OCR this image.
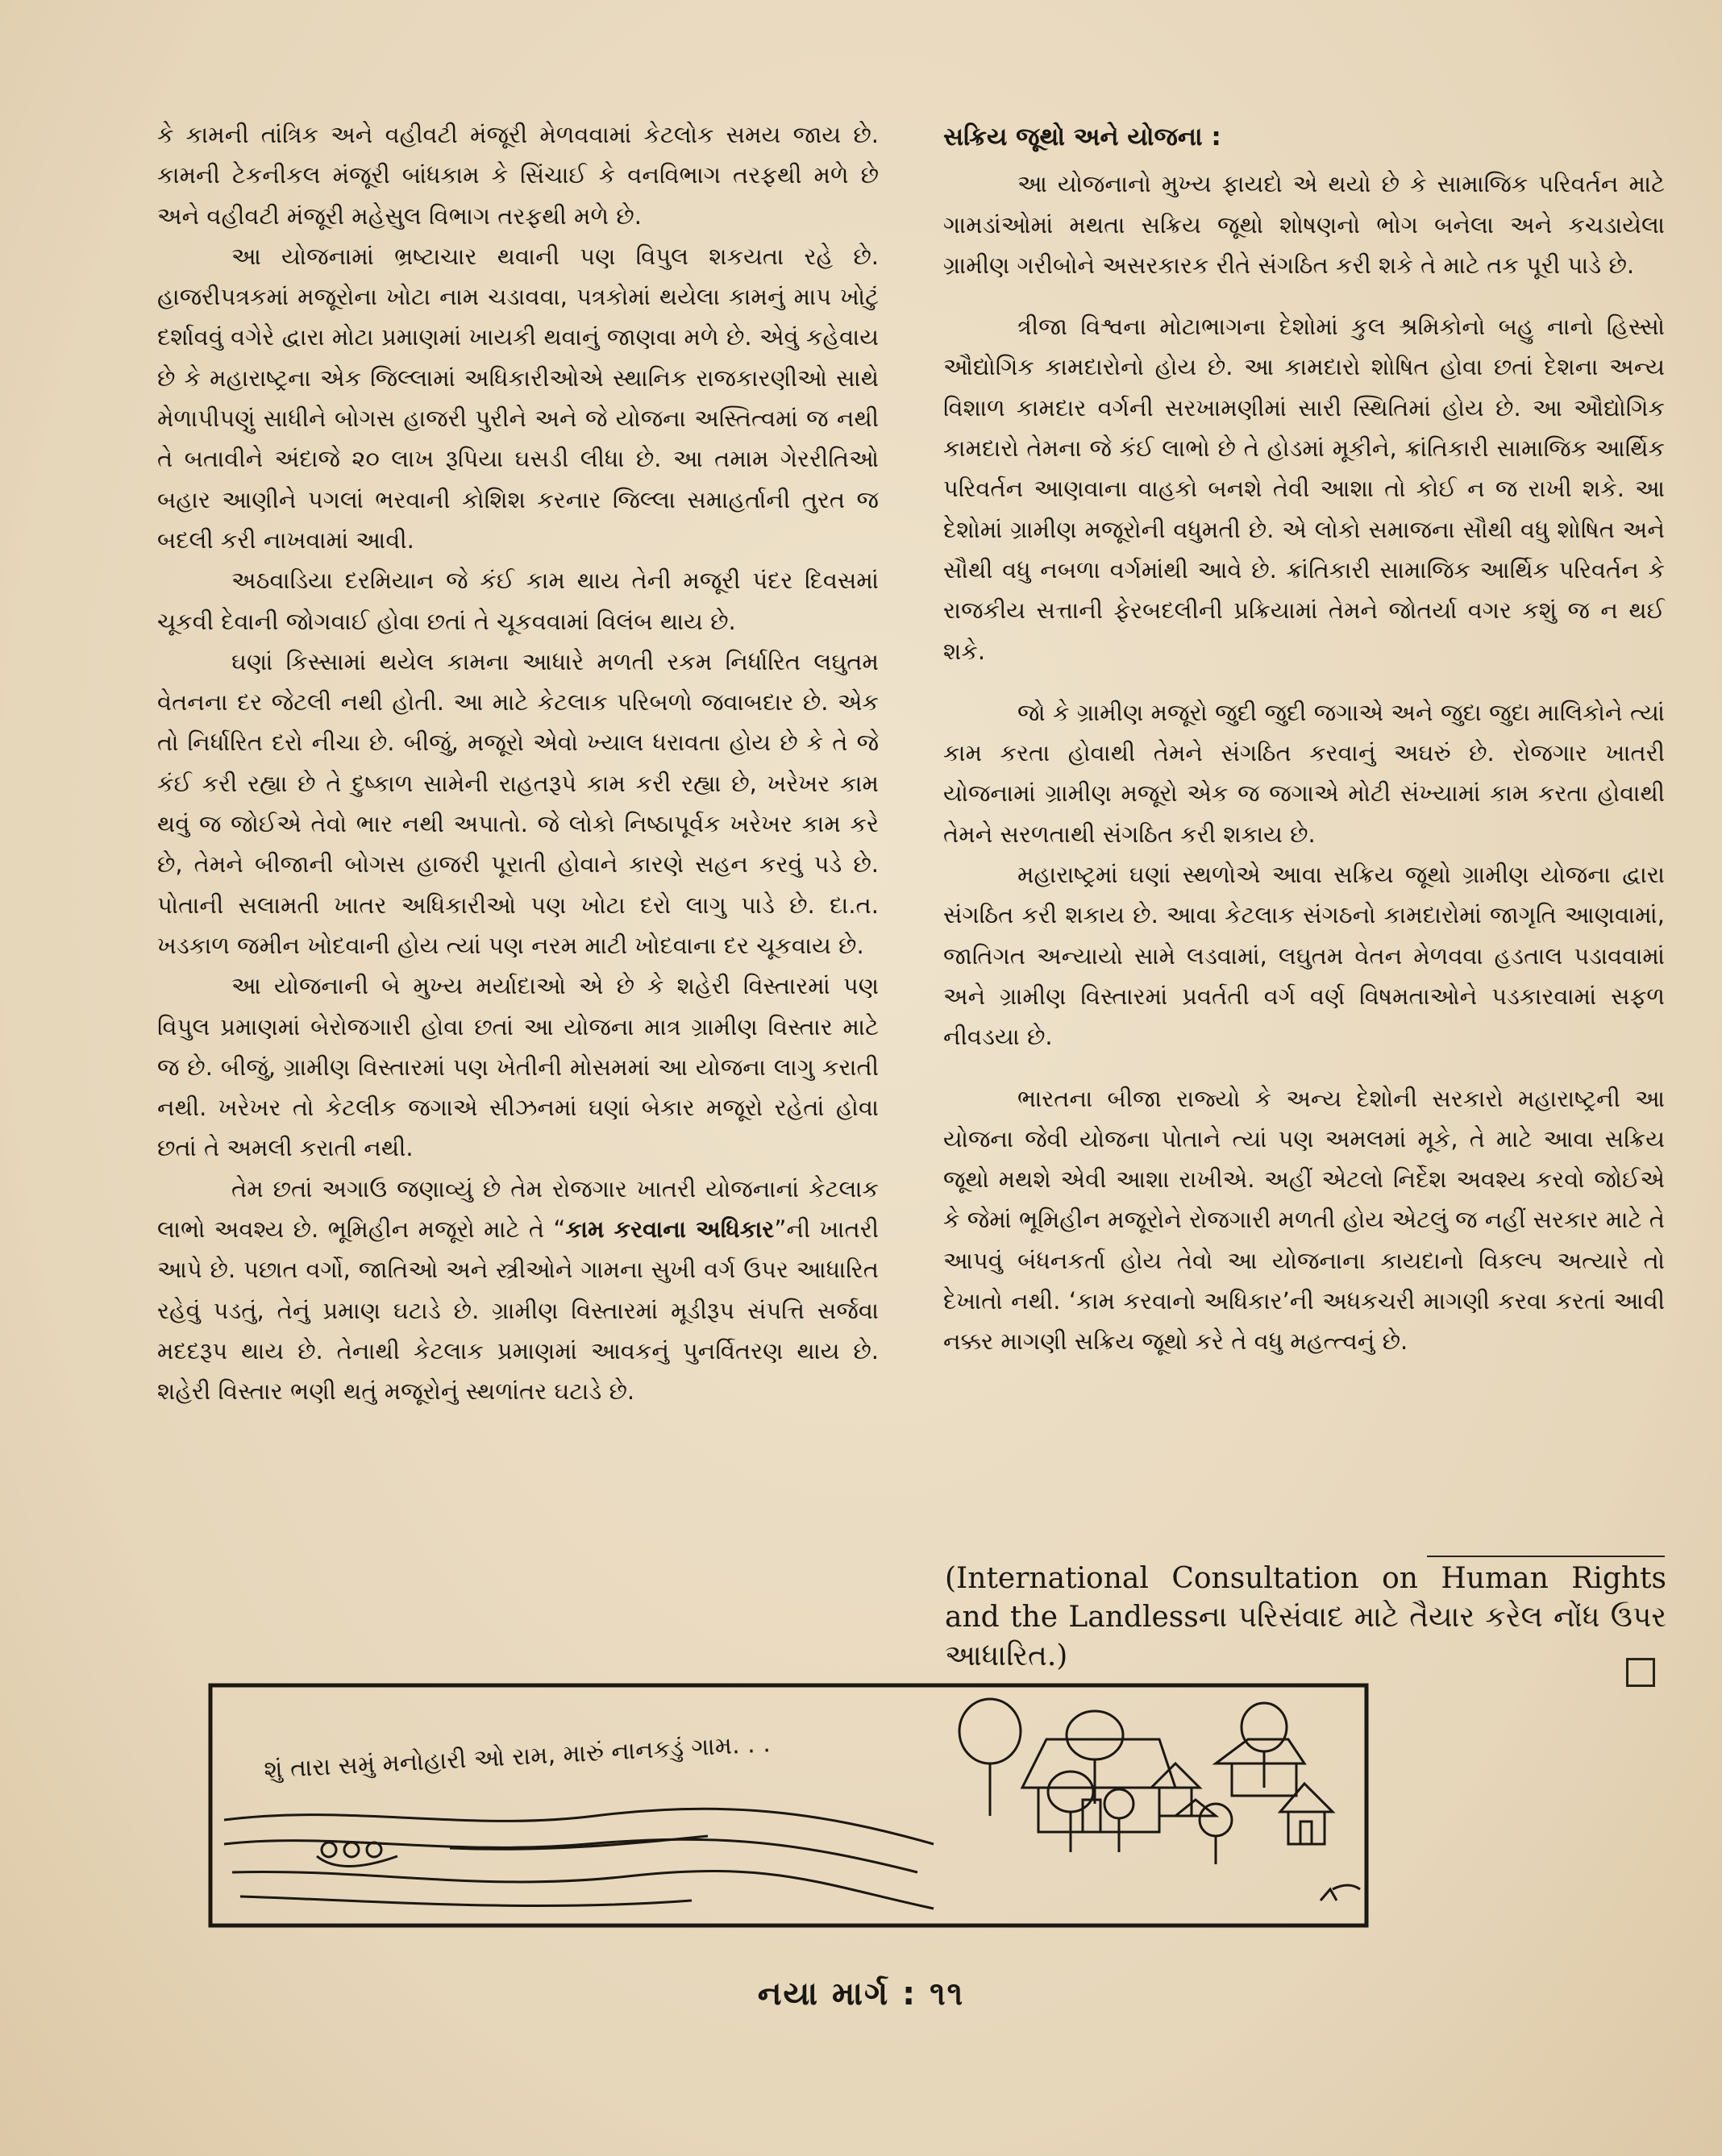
કે કામની તાંત્રિક અને વહીવટી મંજૂરી મેળવવામાં કેટલોક સમય જાય છે. કામની ટેકનીકલ મંજૂરી બાંધકામ કે સિંચાઈ કે વનવિભાગ તરફથી મળે છે અને વહીવટી મંજૂરી મહેસુલ વિભાગ તરફથી મળે છે.

આ યોજનામાં ભ્રષ્ટાચાર થવાની પણ વિપુલ શકયતા રહે છે. હાજરીપત્રકમાં મજૂરોના ખોટા નામ ચડાવવા, પત્રકોમાં થયેલા કામનું માપ ખોટું દર્શાવવું વગેરે દ્વારા મોટા પ્રમાણમાં ખાયકી થવાનું જાણવા મળે છે. એવું કહેવાય છે કે મહારાષ્ટ્રના એક જિલ્લામાં અધિકારીઓએ સ્થાનિક રાજકારણીઓ સાથે મેળાપીપણું સાધીને બોગસ હાજરી પુરીને અને જે યોજના અસ્તિત્વમાં જ નથી તે બતાવીને અંદાજે ૨૦ લાખ રૂપિયા ઘસડી લીધા છે. આ તમામ ગેરરીતિઓ બહાર આણીને પગલાં ભરવાની કોશિશ કરનાર જિલ્લા સમાહર્તાની તુરત જ બદલી કરી નાખવામાં આવી.

અઠવાડિયા દરમિયાન જે કંઈ કામ થાય તેની મજૂરી પંદર દિવસમાં ચૂકવી દેવાની જોગવાઈ હોવા છતાં તે ચૂકવવામાં વિલંબ થાય છે.

ઘણાં કિસ્સામાં થયેલ કામના આધારે મળતી રકમ નિર્ધારિત લઘુતમ વેતનના દર જેટલી નથી હોતી. આ માટે કેટલાક પરિબળો જવાબદાર છે. એક તો નિર્ધારિત દરો નીચા છે. બીજું, મજૂરો એવો ખ્યાલ ધરાવતા હોય છે કે તે જે કંઈ કરી રહ્યા છે તે દુષ્કાળ સામેની રાહતરૂપે કામ કરી રહ્યા છે, ખરેખર કામ થવું જ જોઈએ તેવો ભાર નથી અપાતો. જે લોકો નિષ્ઠાપૂર્વક ખરેખર કામ કરે છે, તેમને બીજાની બોગસ હાજરી પૂરાતી હોવાને કારણે સહન કરવું પડે છે. પોતાની સલામતી ખાતર અધિકારીઓ પણ ખોટા દરો લાગુ પાડે છે. દા.ત. ખડકાળ જમીન ખોદવાની હોય ત્યાં પણ નરમ માટી ખોદવાના દર ચૂકવાય છે.

આ યોજનાની બે મુખ્ય મર્યાદાઓ એ છે કે શહેરી વિસ્તારમાં પણ વિપુલ પ્રમાણમાં બેરોજગારી હોવા છતાં આ યોજના માત્ર ગ્રામીણ વિસ્તાર માટે જ છે. બીજું, ગ્રામીણ વિસ્તારમાં પણ ખેતીની મોસમમાં આ યોજના લાગુ કરાતી નથી. ખરેખર તો કેટલીક જગાએ સીઝનમાં ઘણાં બેકાર મજૂરો રહેતાં હોવા છતાં તે અમલી કરાતી નથી.

તેમ છતાં અગાઉ જણાવ્યું છે તેમ રોજગાર ખાતરી યોજનાનાં કેટલાક લાભો અવશ્ય છે. ભૂમિહીન મજૂરો માટે તે “કામ કરવાના અધિકાર”ની ખાતરી આપે છે. પછાત વર્ગો, જાતિઓ અને સ્ત્રીઓને ગામના સુખી વર્ગ ઉપર આધારિત રહેવું પડતું, તેનું પ્રમાણ ઘટાડે છે. ગ્રામીણ વિસ્તારમાં મૂડીરૂપ સંપત્તિ સર્જવા મદદરૂપ થાય છે. તેનાથી કેટલાક પ્રમાણમાં આવકનું પુનર્વિતરણ થાય છે. શહેરી વિસ્તાર ભણી થતું મજૂરોનું સ્થળાંતર ઘટાડે છે.

સક્રિય જૂથો અને યોજના :

આ યોજનાનો મુખ્ય ફાયદો એ થયો છે કે સામાજિક પરિવર્તન માટે ગામડાંઓમાં મથતા સક્રિય જૂથો શોષણનો ભોગ બનેલા અને કચડાયેલા ગ્રામીણ ગરીબોને અસરકારક રીતે સંગઠિત કરી શકે તે માટે તક પૂરી પાડે છે.

ત્રીજા વિશ્વના મોટાભાગના દેશોમાં કુલ શ્રમિકોનો બહુ નાનો હિસ્સો ઔદ્યોગિક કામદારોનો હોય છે. આ કામદારો શોષિત હોવા છતાં દેશના અન્ય વિશાળ કામદાર વર્ગની સરખામણીમાં સારી સ્થિતિમાં હોય છે. આ ઔદ્યોગિક કામદારો તેમના જે કંઈ લાભો છે તે હોડમાં મૂકીને, ક્રાંતિકારી સામાજિક આર્થિક પરિવર્તન આણવાના વાહકો બનશે તેવી આશા તો કોઈ ન જ રાખી શકે. આ દેશોમાં ગ્રામીણ મજૂરોની વધુમતી છે. એ લોકો સમાજના સૌથી વધુ શોષિત અને સૌથી વધુ નબળા વર્ગમાંથી આવે છે. ક્રાંતિકારી સામાજિક આર્થિક પરિવર્તન કે રાજકીય સત્તાની ફેરબદલીની પ્રક્રિયામાં તેમને જોતર્યા વગર કશું જ ન થઈ શકે.

જો કે ગ્રામીણ મજૂરો જુદી જુદી જગાએ અને જુદા જુદા માલિકોને ત્યાં કામ કરતા હોવાથી તેમને સંગઠિત કરવાનું અઘરું છે. રોજગાર ખાતરી યોજનામાં ગ્રામીણ મજૂરો એક જ જગાએ મોટી સંખ્યામાં કામ કરતા હોવાથી તેમને સરળતાથી સંગઠિત કરી શકાય છે.

મહારાષ્ટ્રમાં ઘણાં સ્થળોએ આવા સક્રિય જૂથો ગ્રામીણ યોજના દ્વારા સંગઠિત કરી શકાય છે. આવા કેટલાક સંગઠનો કામદારોમાં જાગૃતિ આણવામાં, જાતિગત અન્યાયો સામે લડવામાં, લઘુતમ વેતન મેળવવા હડતાલ પડાવવામાં અને ગ્રામીણ વિસ્તારમાં પ્રવર્તતી વર્ગ વર્ણ વિષમતાઓને પડકારવામાં સફળ નીવડયા છે.

ભારતના બીજા રાજ્યો કે અન્ય દેશોની સરકારો મહારાષ્ટ્રની આ યોજના જેવી યોજના પોતાને ત્યાં પણ અમલમાં મૂકે, તે માટે આવા સક્રિય જૂથો મથશે એવી આશા રાખીએ. અહીં એટલો નિર્દેશ અવશ્ય કરવો જોઈએ કે જેમાં ભૂમિહીન મજૂરોને રોજગારી મળતી હોય એટલું જ નહીં સરકાર માટે તે આપવું બંધનકર્તા હોય તેવો આ યોજનાના કાયદાનો વિકલ્પ અત્યારે તો દેખાતો નથી. ‘કામ કરવાનો અધિકાર’ની અધકચરી માગણી કરવા કરતાં આવી નક્કર માગણી સક્રિય જૂથો કરે તે વધુ મહત્ત્વનું છે.

(International Consultation on Human Rights and the Landlessના પરિસંવાદ માટે તૈયાર કરેલ નોંધ ઉપર આધારિત.)
શું તારા સમું મનોહારી ઓ રામ, મારું નાનકડું ગામ. . .
નયા માર્ગ : ૧૧
